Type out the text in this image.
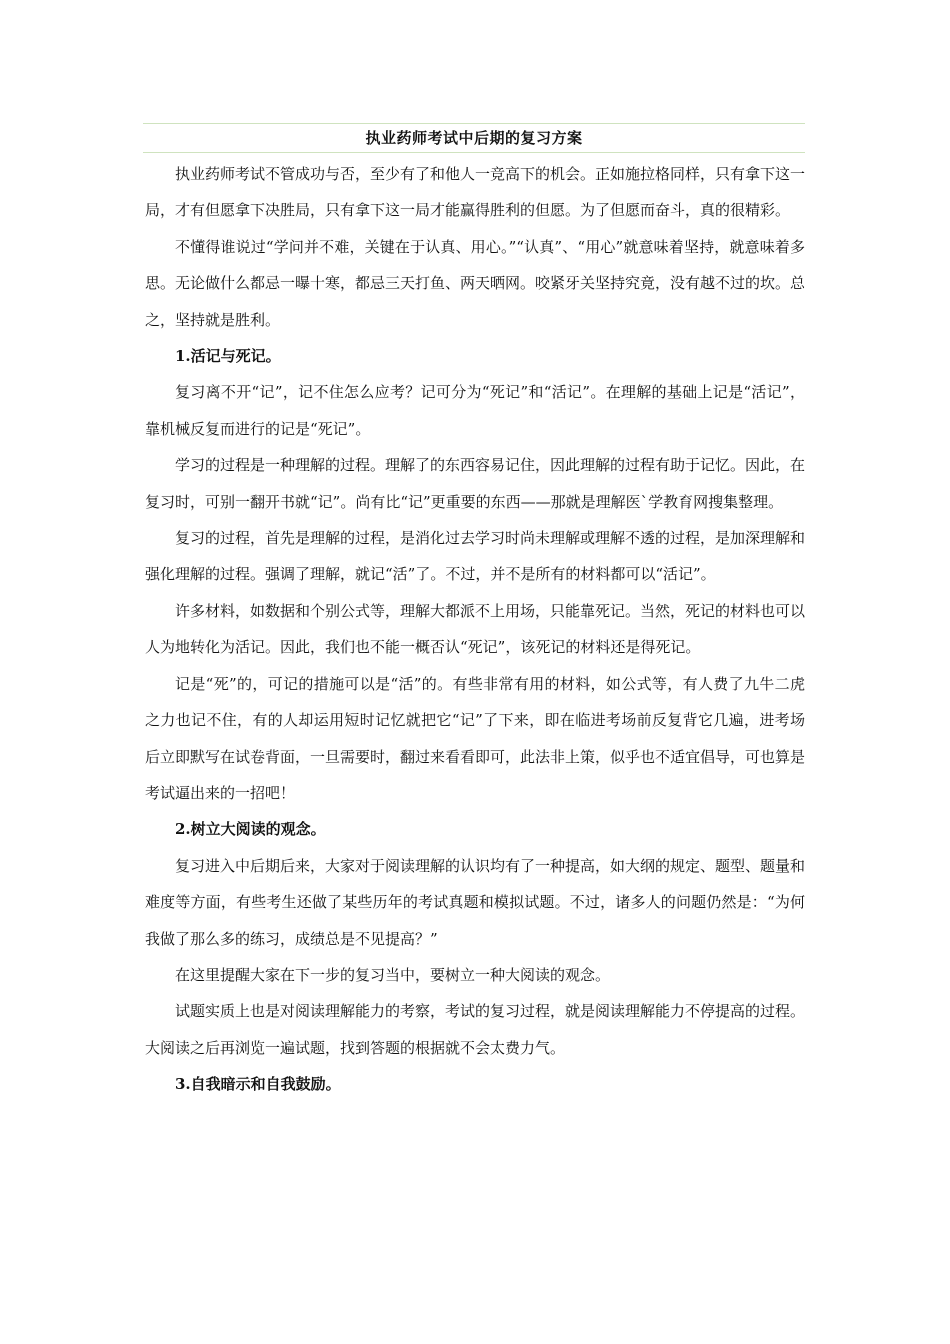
执业药师考试中后期的复习方案

执业药师考试不管成功与否，至少有了和他人一竞高下的机会。正如施拉格同样，只有拿下这一局，才有但愿拿下决胜局，只有拿下这一局才能赢得胜利的但愿。为了但愿而奋斗，真的很精彩。

不懂得谁说过“学问并不难，关键在于认真、用心。”“认真”、“用心”就意味着坚持，就意味着多思。无论做什么都忌一曝十寒，都忌三天打鱼、两天晒网。咬紧牙关坚持究竟，没有越不过的坎。总之，坚持就是胜利。

1.活记与死记。

复习离不开“记”，记不住怎么应考？记可分为“死记”和“活记”。在理解的基础上记是“活记”，靠机械反复而进行的记是“死记”。

学习的过程是一种理解的过程。理解了的东西容易记住，因此理解的过程有助于记忆。因此，在复习时，可别一翻开书就“记”。尚有比“记”更重要的东西——那就是理解医`学教育网搜集整理。

复习的过程，首先是理解的过程，是消化过去学习时尚未理解或理解不透的过程，是加深理解和强化理解的过程。强调了理解，就记“活”了。不过，并不是所有的材料都可以“活记”。

许多材料，如数据和个别公式等，理解大都派不上用场，只能靠死记。当然，死记的材料也可以人为地转化为活记。因此，我们也不能一概否认“死记”，该死记的材料还是得死记。

记是“死”的，可记的措施可以是“活”的。有些非常有用的材料，如公式等，有人费了九牛二虎之力也记不住，有的人却运用短时记忆就把它“记”了下来，即在临进考场前反复背它几遍，进考场后立即默写在试卷背面，一旦需要时，翻过来看看即可，此法非上策，似乎也不适宜倡导，可也算是考试逼出来的一招吧！

2.树立大阅读的观念。

复习进入中后期后来，大家对于阅读理解的认识均有了一种提高，如大纲的规定、题型、题量和难度等方面，有些考生还做了某些历年的考试真题和模拟试题。不过，诸多人的问题仍然是：“为何我做了那么多的练习，成绩总是不见提高？”

在这里提醒大家在下一步的复习当中，要树立一种大阅读的观念。

试题实质上也是对阅读理解能力的考察，考试的复习过程，就是阅读理解能力不停提高的过程。大阅读之后再浏览一遍试题，找到答题的根据就不会太费力气。

3.自我暗示和自我鼓励。
